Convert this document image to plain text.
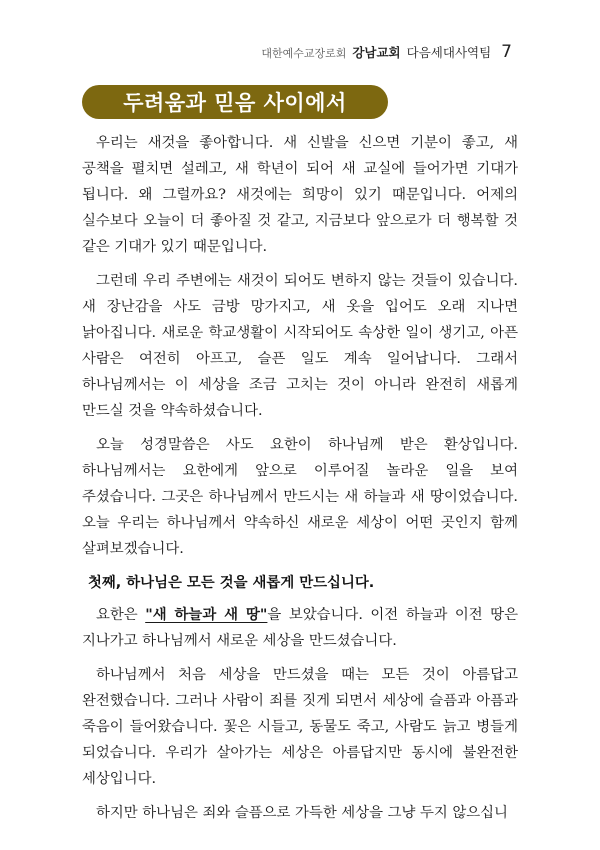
대한예수교장로회 강남교회 다음세대사역팀 7
두려움과 믿음 사이에서

우리는 새것을 좋아합니다. 새 신발을 신으면 기분이 좋고, 새 공책을 펼치면 설레고, 새 학년이 되어 새 교실에 들어가면 기대가 됩니다. 왜 그럴까요? 새것에는 희망이 있기 때문입니다. 어제의 실수보다 오늘이 더 좋아질 것 같고, 지금보다 앞으로가 더 행복할 것 같은 기대가 있기 때문입니다.

그런데 우리 주변에는 새것이 되어도 변하지 않는 것들이 있습니다. 새 장난감을 사도 금방 망가지고, 새 옷을 입어도 오래 지나면 낡아집니다. 새로운 학교생활이 시작되어도 속상한 일이 생기고, 아픈 사람은 여전히 아프고, 슬픈 일도 계속 일어납니다. 그래서 하나님께서는 이 세상을 조금 고치는 것이 아니라 완전히 새롭게 만드실 것을 약속하셨습니다.

오늘 성경말씀은 사도 요한이 하나님께 받은 환상입니다. 하나님께서는 요한에게 앞으로 이루어질 놀라운 일을 보여 주셨습니다. 그곳은 하나님께서 만드시는 새 하늘과 새 땅이었습니다. 오늘 우리는 하나님께서 약속하신 새로운 세상이 어떤 곳인지 함께 살펴보겠습니다.

첫째, 하나님은 모든 것을 새롭게 만드십니다.

요한은 "새 하늘과 새 땅"을 보았습니다. 이전 하늘과 이전 땅은 지나가고 하나님께서 새로운 세상을 만드셨습니다.

하나님께서 처음 세상을 만드셨을 때는 모든 것이 아름답고 완전했습니다. 그러나 사람이 죄를 짓게 되면서 세상에 슬픔과 아픔과 죽음이 들어왔습니다. 꽃은 시들고, 동물도 죽고, 사람도 늙고 병들게 되었습니다. 우리가 살아가는 세상은 아름답지만 동시에 불완전한 세상입니다.

하지만 하나님은 죄와 슬픔으로 가득한 세상을 그냥 두지 않으십니
